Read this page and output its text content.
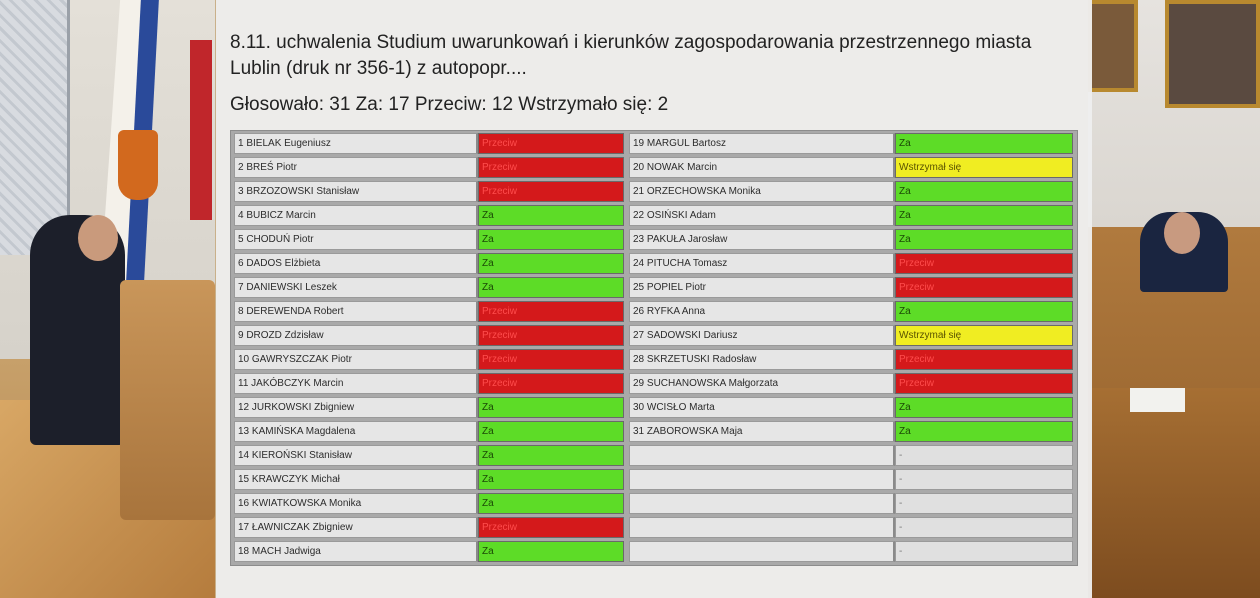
8.11. uchwalenia Studium uwarunkowań i kierunków zagospodarowania przestrzennego miasta Lublin (druk nr 356-1) z autopopr....
Głosowało: 31 Za: 17 Przeciw: 12 Wstrzymało się: 2
1 BIELAK Eugeniusz	Przeciw
2 BREŚ Piotr	Przeciw
3 BRZOZOWSKI Stanisław	Przeciw
4 BUBICZ Marcin	Za
5 CHODUŃ Piotr	Za
6 DADOS Elżbieta	Za
7 DANIEWSKI Leszek	Za
8 DEREWENDA Robert	Przeciw
9 DROZD Zdzisław	Przeciw
10 GAWRYSZCZAK Piotr	Przeciw
11 JAKÓBCZYK Marcin	Przeciw
12 JURKOWSKI Zbigniew	Za
13 KAMIŃSKA Magdalena	Za
14 KIEROŃSKI Stanisław	Za
15 KRAWCZYK Michał	Za
16 KWIATKOWSKA Monika	Za
17 ŁAWNICZAK Zbigniew	Przeciw
18 MACH Jadwiga	Za
19 MARGUL Bartosz	Za
20 NOWAK Marcin	Wstrzymał się
21 ORZECHOWSKA Monika	Za
22 OSIŃSKI Adam	Za
23 PAKUŁA Jarosław	Za
24 PITUCHA Tomasz	Przeciw
25 POPIEL Piotr	Przeciw
26 RYFKA Anna	Za
27 SADOWSKI Dariusz	Wstrzymał się
28 SKRZETUSKI Radosław	Przeciw
29 SUCHANOWSKA Małgorzata	Przeciw
30 WCISŁO Marta	Za
31 ZABOROWSKA Maja	Za
-
-
-
-
-
